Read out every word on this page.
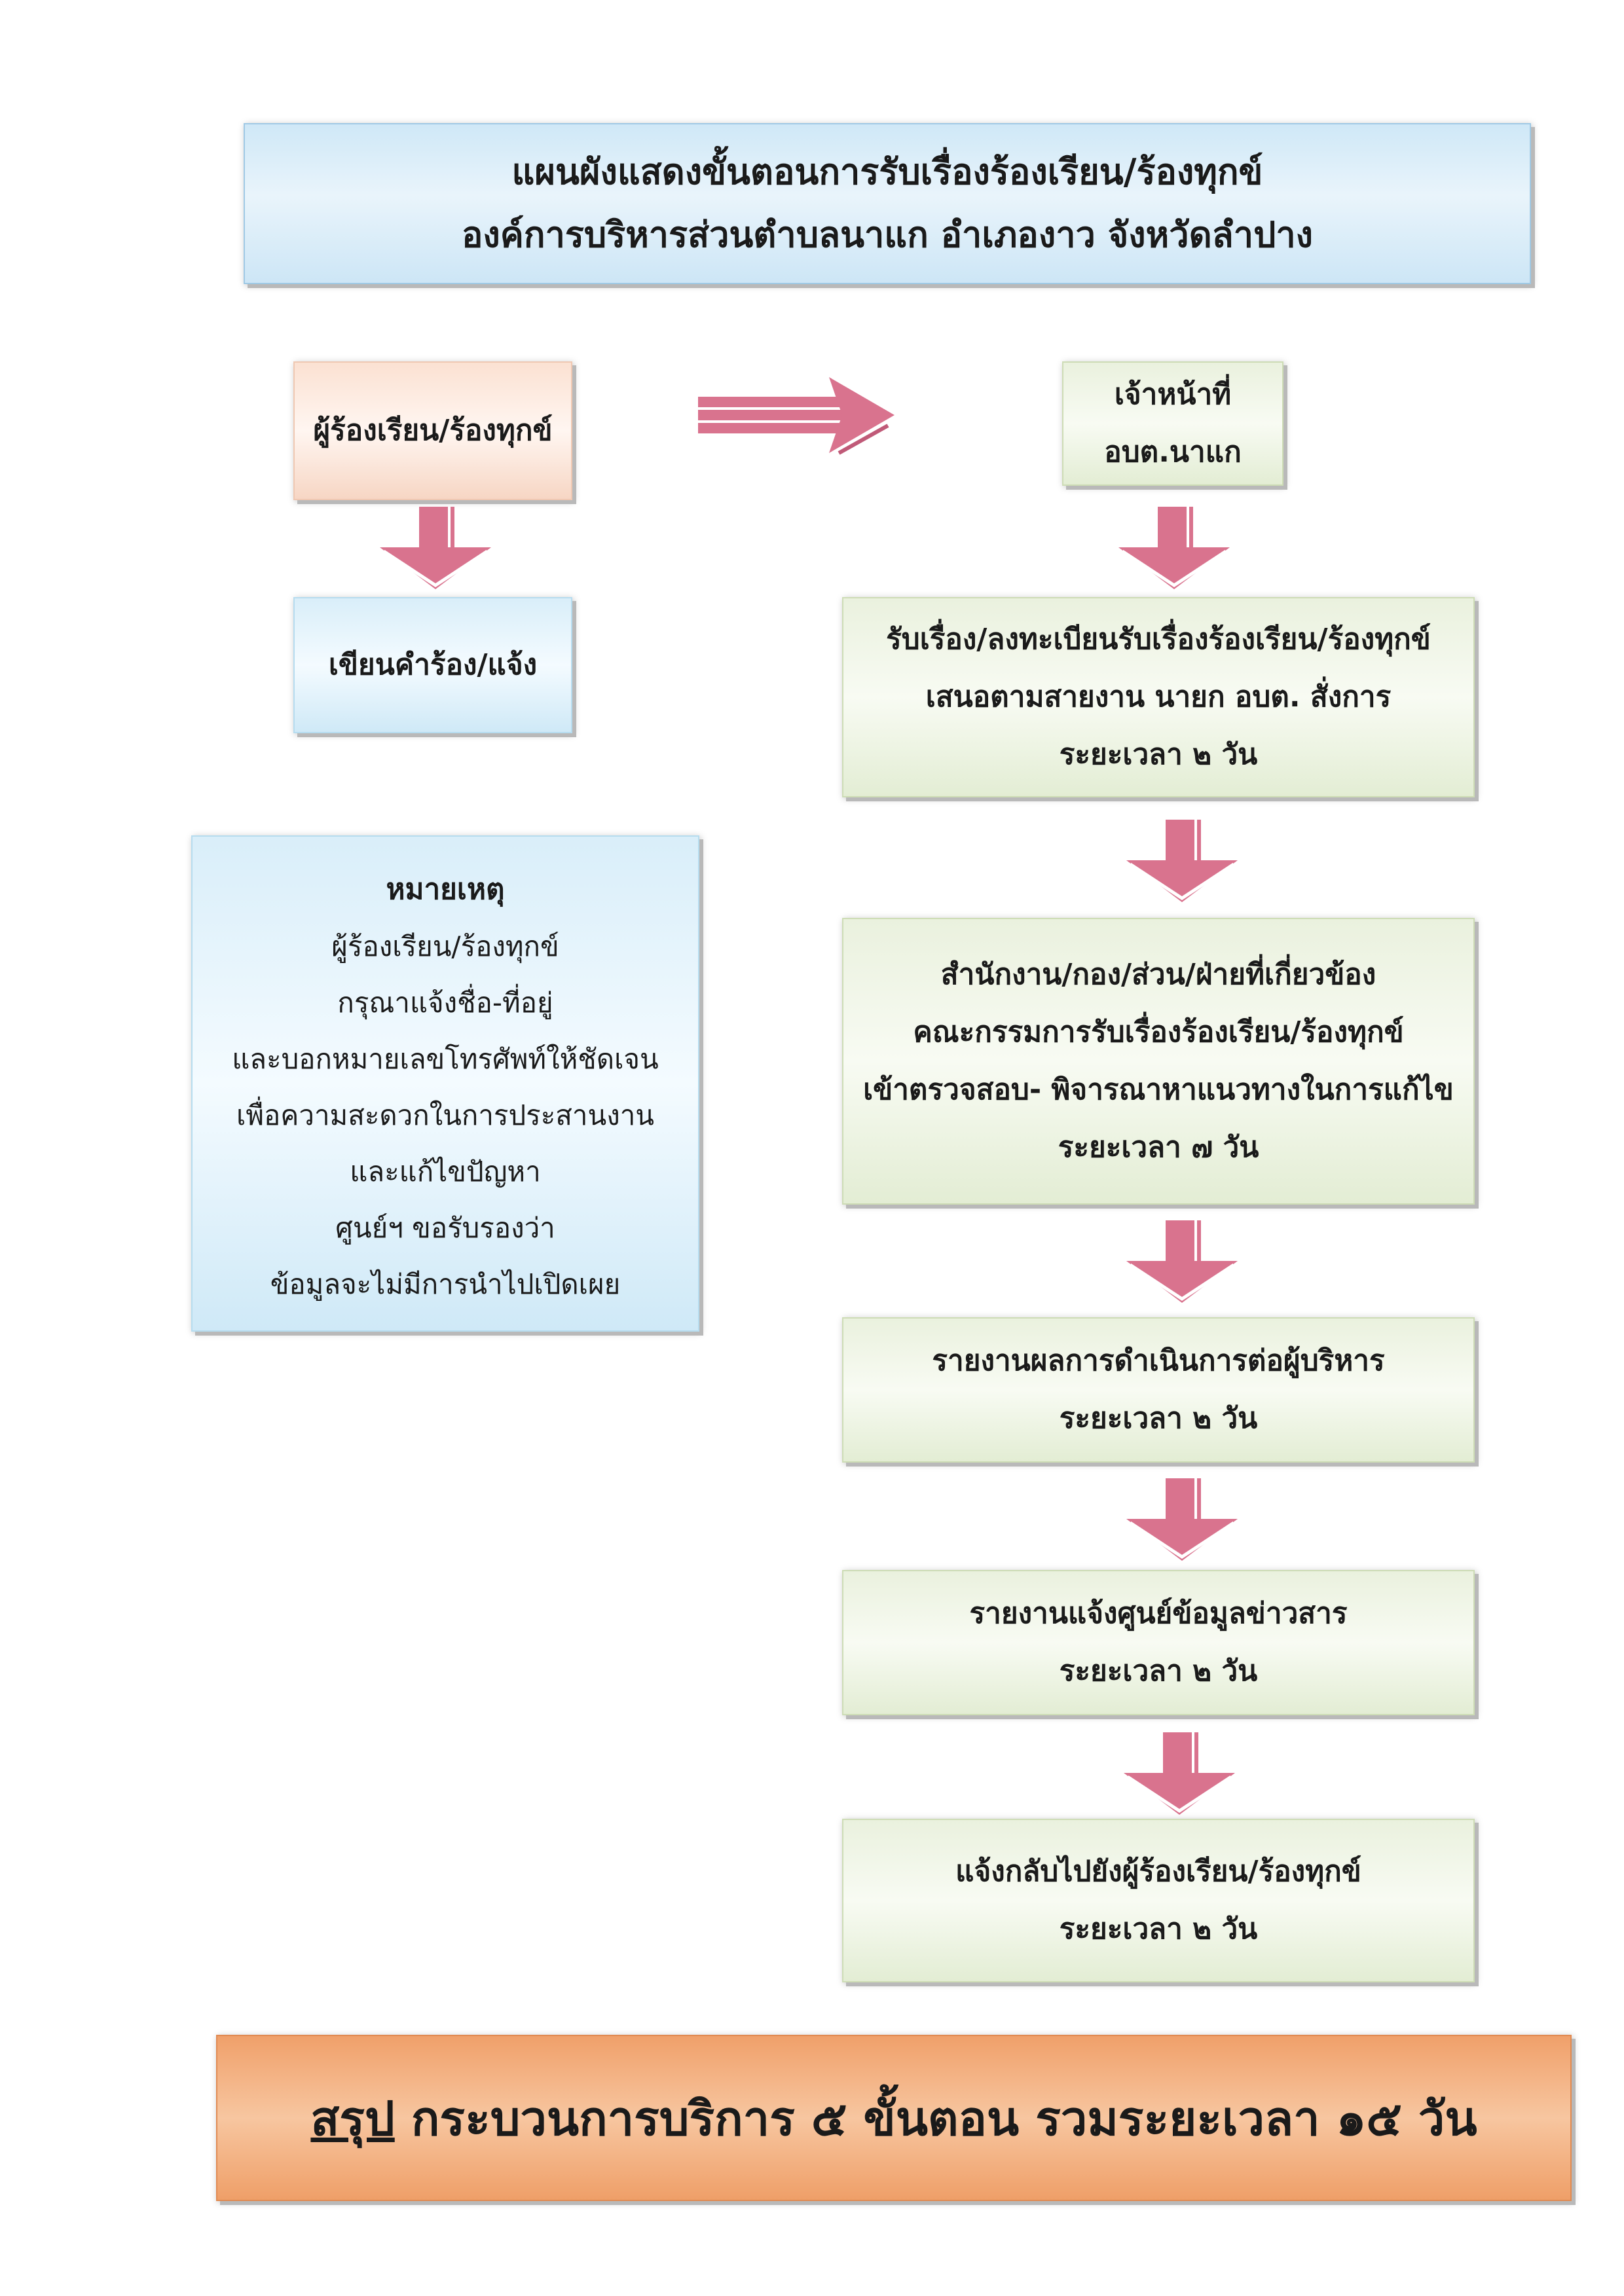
แผนผังแสดงขั้นตอนการรับเรื่องร้องเรียน/ร้องทุกข์
องค์การบริหารส่วนตำบลนาแก อำเภองาว จังหวัดลำปาง
ผู้ร้องเรียน/ร้องทุกข์
เขียนคำร้อง/แจ้ง
หมายเหตุ
ผู้ร้องเรียน/ร้องทุกข์
กรุณาแจ้งชื่อ-ที่อยู่
และบอกหมายเลขโทรศัพท์ให้ชัดเจน
เพื่อความสะดวกในการประสานงาน
และแก้ไขปัญหา
ศูนย์ฯ ขอรับรองว่า
ข้อมูลจะไม่มีการนำไปเปิดเผย
เจ้าหน้าที่
อบต.นาแก
รับเรื่อง/ลงทะเบียนรับเรื่องร้องเรียน/ร้องทุกข์
เสนอตามสายงาน นายก อบต. สั่งการ
ระยะเวลา ๒ วัน
สำนักงาน/กอง/ส่วน/ฝ่ายที่เกี่ยวข้อง
คณะกรรมการรับเรื่องร้องเรียน/ร้องทุกข์
เข้าตรวจสอบ- พิจารณาหาแนวทางในการแก้ไข
ระยะเวลา ๗ วัน
รายงานผลการดำเนินการต่อผู้บริหาร
ระยะเวลา ๒ วัน
รายงานแจ้งศูนย์ข้อมูลข่าวสาร
ระยะเวลา ๒ วัน
แจ้งกลับไปยังผู้ร้องเรียน/ร้องทุกข์
ระยะเวลา ๒ วัน
สรุป กระบวนการบริการ ๕ ขั้นตอน รวมระยะเวลา ๑๕ วัน
